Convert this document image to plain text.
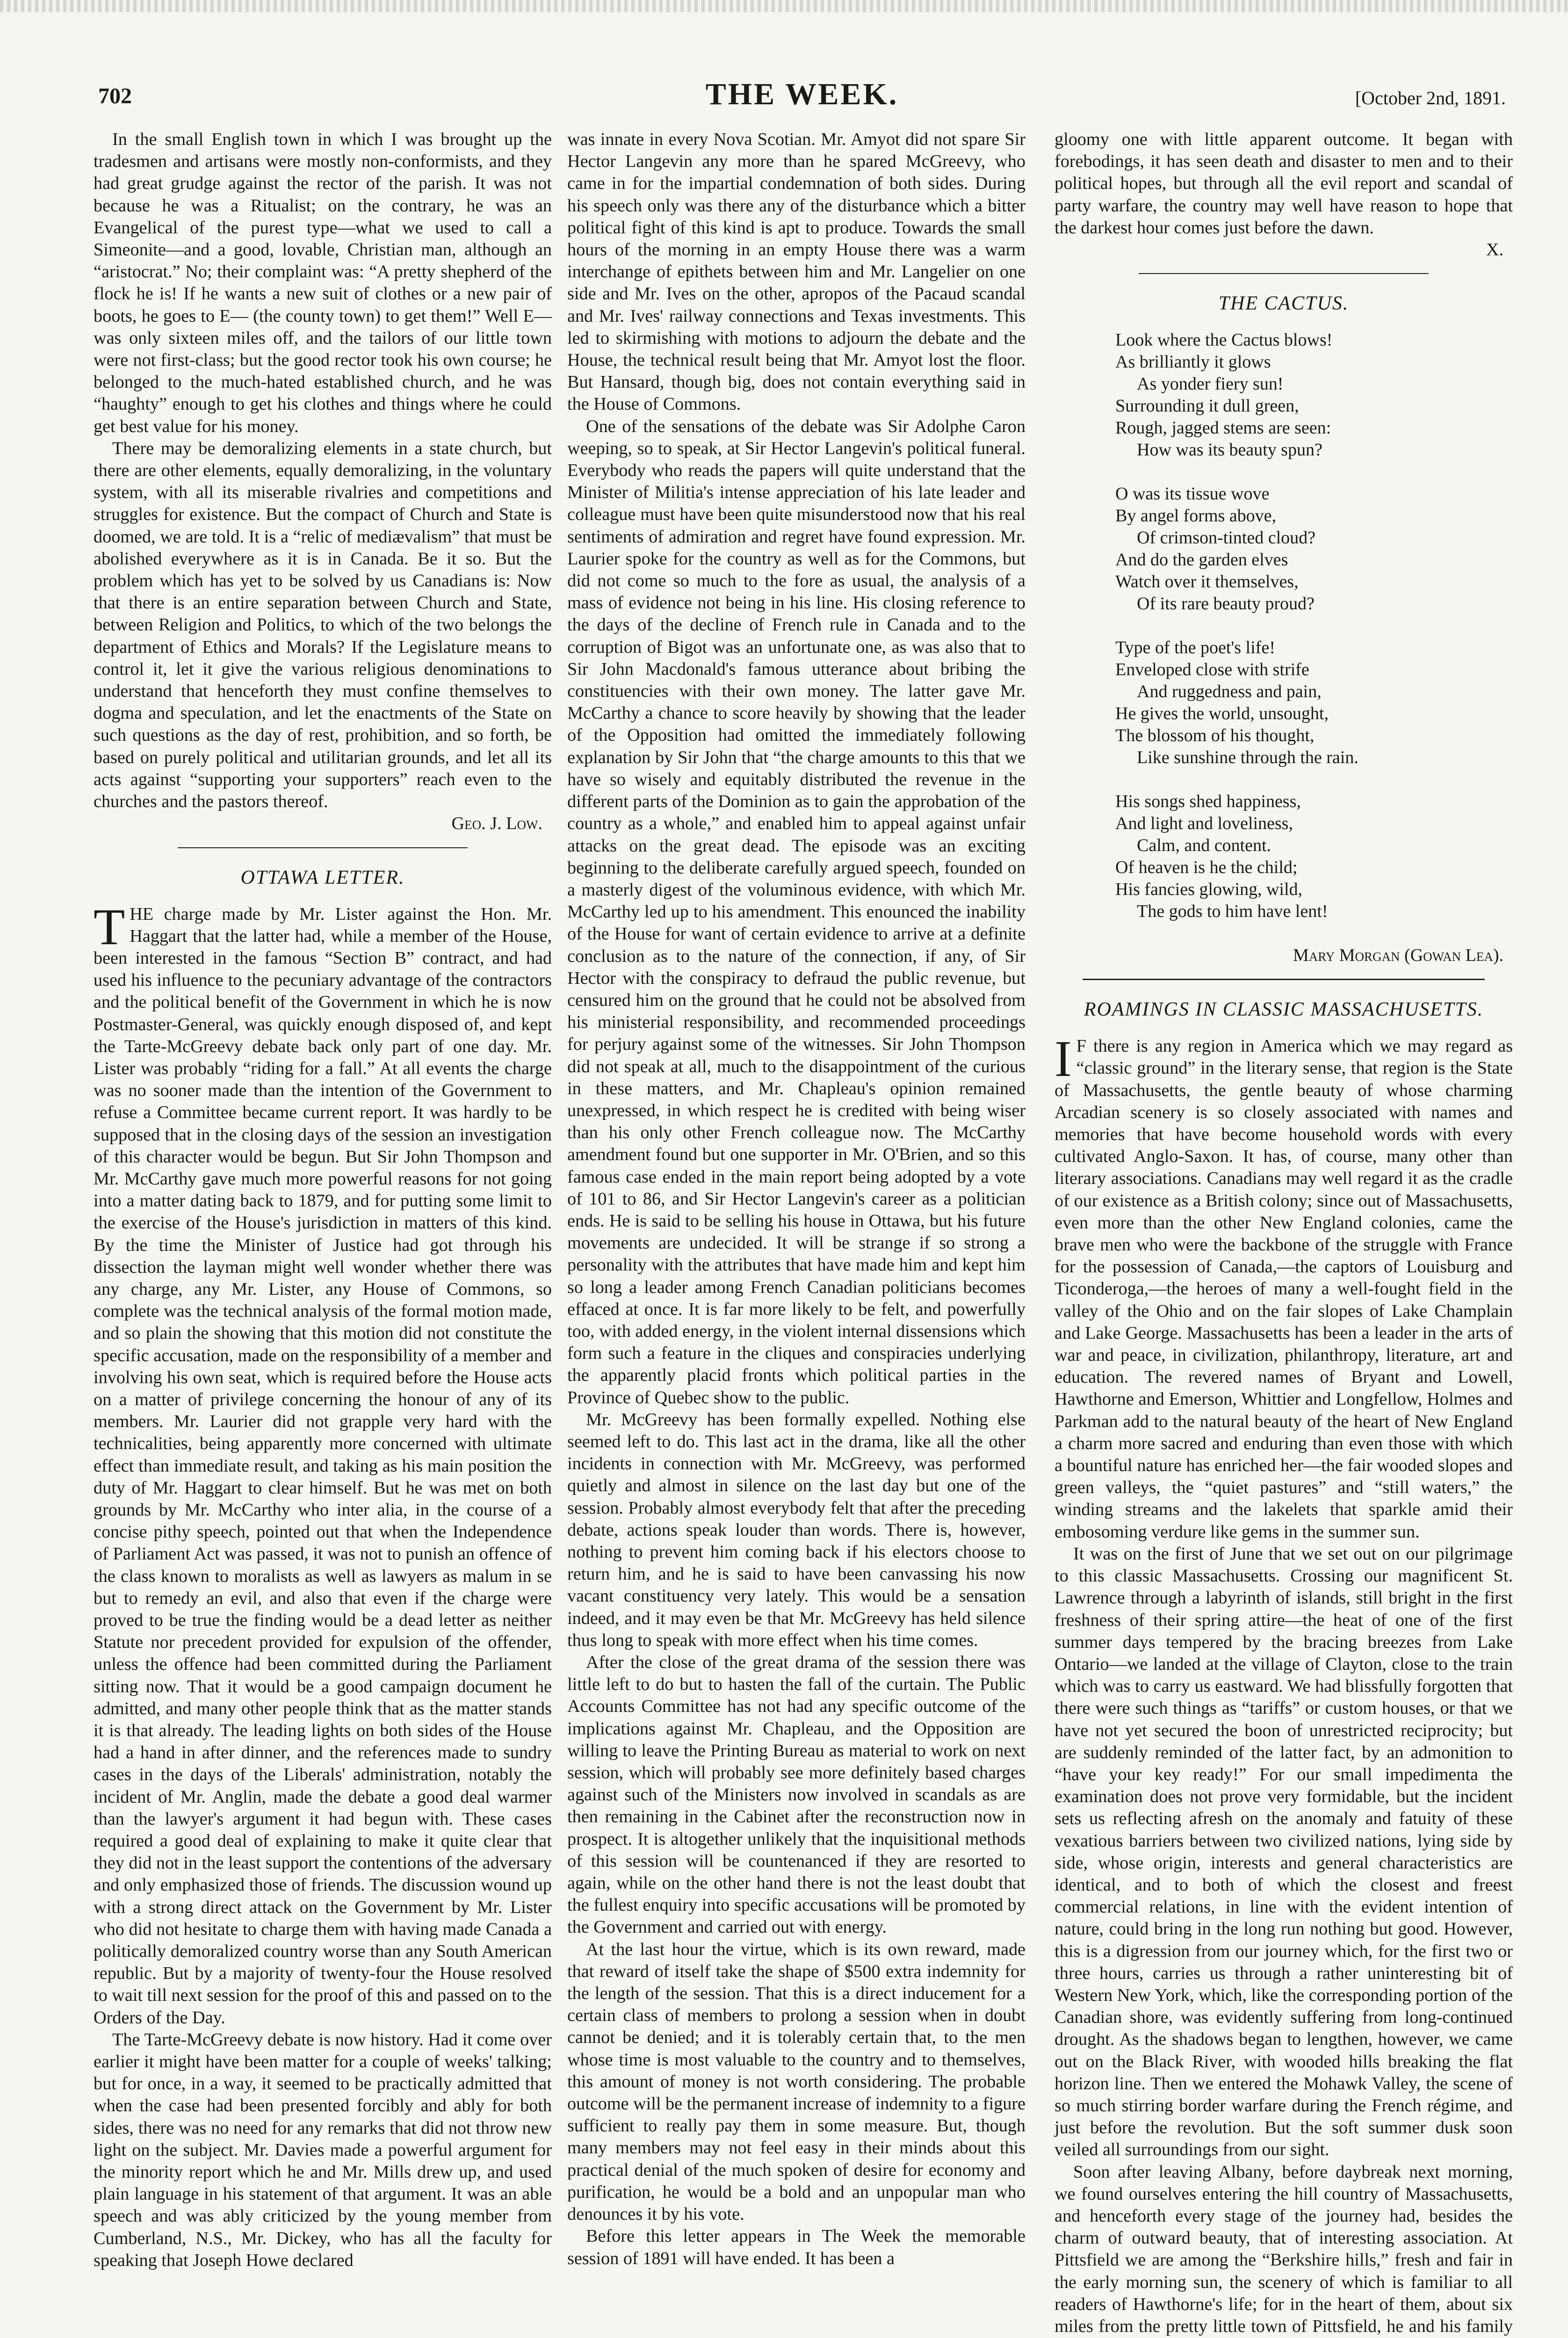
702	THE WEEK.	[October 2nd, 1891.

In the small English town in which I was brought up the tradesmen and artisans were mostly non-conformists, and they had great grudge against the rector of the parish. It was not because he was a Ritualist; on the contrary, he was an Evangelical of the purest type—what we used to call a Simeonite—and a good, lovable, Christian man, although an “aristocrat.” No; their complaint was: “A pretty shepherd of the flock he is! If he wants a new suit of clothes or a new pair of boots, he goes to E— (the county town) to get them!” Well E— was only sixteen miles off, and the tailors of our little town were not first-class; but the good rector took his own course; he belonged to the much-hated established church, and he was “haughty” enough to get his clothes and things where he could get best value for his money.

There may be demoralizing elements in a state church, but there are other elements, equally demoralizing, in the voluntary system, with all its miserable rivalries and competitions and struggles for existence. But the compact of Church and State is doomed, we are told. It is a “relic of mediævalism” that must be abolished everywhere as it is in Canada. Be it so. But the problem which has yet to be solved by us Canadians is: Now that there is an entire separation between Church and State, between Religion and Politics, to which of the two belongs the department of Ethics and Morals? If the Legislature means to control it, let it give the various religious denominations to understand that henceforth they must confine themselves to dogma and speculation, and let the enactments of the State on such questions as the day of rest, prohibition, and so forth, be based on purely political and utilitarian grounds, and let all its acts against “supporting your supporters” reach even to the churches and the pastors thereof.

Geo. J. Low.
OTTAWA LETTER.

THE charge made by Mr. Lister against the Hon. Mr. Haggart that the latter had, while a member of the House, been interested in the famous “Section B” contract, and had used his influence to the pecuniary advantage of the contractors and the political benefit of the Government in which he is now Postmaster-General, was quickly enough disposed of, and kept the Tarte-McGreevy debate back only part of one day. Mr. Lister was probably “riding for a fall.” At all events the charge was no sooner made than the intention of the Government to refuse a Committee became current report. It was hardly to be supposed that in the closing days of the session an investigation of this character would be begun. But Sir John Thompson and Mr. McCarthy gave much more powerful reasons for not going into a matter dating back to 1879, and for putting some limit to the exercise of the House's jurisdiction in matters of this kind. By the time the Minister of Justice had got through his dissection the layman might well wonder whether there was any charge, any Mr. Lister, any House of Commons, so complete was the technical analysis of the formal motion made, and so plain the showing that this motion did not constitute the specific accusation, made on the responsibility of a member and involving his own seat, which is required before the House acts on a matter of privilege concerning the honour of any of its members. Mr. Laurier did not grapple very hard with the technicalities, being apparently more concerned with ultimate effect than immediate result, and taking as his main position the duty of Mr. Haggart to clear himself. But he was met on both grounds by Mr. McCarthy who inter alia, in the course of a concise pithy speech, pointed out that when the Independence of Parliament Act was passed, it was not to punish an offence of the class known to moralists as well as lawyers as malum in se but to remedy an evil, and also that even if the charge were proved to be true the finding would be a dead letter as neither Statute nor precedent provided for expulsion of the offender, unless the offence had been committed during the Parliament sitting now. That it would be a good campaign document he admitted, and many other people think that as the matter stands it is that already. The leading lights on both sides of the House had a hand in after dinner, and the references made to sundry cases in the days of the Liberals' administration, notably the incident of Mr. Anglin, made the debate a good deal warmer than the lawyer's argument it had begun with. These cases required a good deal of explaining to make it quite clear that they did not in the least support the contentions of the adversary and only emphasized those of friends. The discussion wound up with a strong direct attack on the Government by Mr. Lister who did not hesitate to charge them with having made Canada a politically demoralized country worse than any South American republic. But by a majority of twenty-four the House resolved to wait till next session for the proof of this and passed on to the Orders of the Day.

The Tarte-McGreevy debate is now history. Had it come over earlier it might have been matter for a couple of weeks' talking; but for once, in a way, it seemed to be practically admitted that when the case had been presented forcibly and ably for both sides, there was no need for any remarks that did not throw new light on the subject. Mr. Davies made a powerful argument for the minority report which he and Mr. Mills drew up, and used plain language in his statement of that argument. It was an able speech and was ably criticized by the young member from Cumberland, N.S., Mr. Dickey, who has all the faculty for speaking that Joseph Howe declared

was innate in every Nova Scotian. Mr. Amyot did not spare Sir Hector Langevin any more than he spared McGreevy, who came in for the impartial condemnation of both sides. During his speech only was there any of the disturbance which a bitter political fight of this kind is apt to produce. Towards the small hours of the morning in an empty House there was a warm interchange of epithets between him and Mr. Langelier on one side and Mr. Ives on the other, apropos of the Pacaud scandal and Mr. Ives' railway connections and Texas investments. This led to skirmishing with motions to adjourn the debate and the House, the technical result being that Mr. Amyot lost the floor. But Hansard, though big, does not contain everything said in the House of Commons.

One of the sensations of the debate was Sir Adolphe Caron weeping, so to speak, at Sir Hector Langevin's political funeral. Everybody who reads the papers will quite understand that the Minister of Militia's intense appreciation of his late leader and colleague must have been quite misunderstood now that his real sentiments of admiration and regret have found expression. Mr. Laurier spoke for the country as well as for the Commons, but did not come so much to the fore as usual, the analysis of a mass of evidence not being in his line. His closing reference to the days of the decline of French rule in Canada and to the corruption of Bigot was an unfortunate one, as was also that to Sir John Macdonald's famous utterance about bribing the constituencies with their own money. The latter gave Mr. McCarthy a chance to score heavily by showing that the leader of the Opposition had omitted the immediately following explanation by Sir John that “the charge amounts to this that we have so wisely and equitably distributed the revenue in the different parts of the Dominion as to gain the approbation of the country as a whole,” and enabled him to appeal against unfair attacks on the great dead. The episode was an exciting beginning to the deliberate carefully argued speech, founded on a masterly digest of the voluminous evidence, with which Mr. McCarthy led up to his amendment. This enounced the inability of the House for want of certain evidence to arrive at a definite conclusion as to the nature of the connection, if any, of Sir Hector with the conspiracy to defraud the public revenue, but censured him on the ground that he could not be absolved from his ministerial responsibility, and recommended proceedings for perjury against some of the witnesses. Sir John Thompson did not speak at all, much to the disappointment of the curious in these matters, and Mr. Chapleau's opinion remained unexpressed, in which respect he is credited with being wiser than his only other French colleague now. The McCarthy amendment found but one supporter in Mr. O'Brien, and so this famous case ended in the main report being adopted by a vote of 101 to 86, and Sir Hector Langevin's career as a politician ends. He is said to be selling his house in Ottawa, but his future movements are undecided. It will be strange if so strong a personality with the attributes that have made him and kept him so long a leader among French Canadian politicians becomes effaced at once. It is far more likely to be felt, and powerfully too, with added energy, in the violent internal dissensions which form such a feature in the cliques and conspiracies underlying the apparently placid fronts which political parties in the Province of Quebec show to the public.

Mr. McGreevy has been formally expelled. Nothing else seemed left to do. This last act in the drama, like all the other incidents in connection with Mr. McGreevy, was performed quietly and almost in silence on the last day but one of the session. Probably almost everybody felt that after the preceding debate, actions speak louder than words. There is, however, nothing to prevent him coming back if his electors choose to return him, and he is said to have been canvassing his now vacant constituency very lately. This would be a sensation indeed, and it may even be that Mr. McGreevy has held silence thus long to speak with more effect when his time comes.

After the close of the great drama of the session there was little left to do but to hasten the fall of the curtain. The Public Accounts Committee has not had any specific outcome of the implications against Mr. Chapleau, and the Opposition are willing to leave the Printing Bureau as material to work on next session, which will probably see more definitely based charges against such of the Ministers now involved in scandals as are then remaining in the Cabinet after the reconstruction now in prospect. It is altogether unlikely that the inquisitional methods of this session will be countenanced if they are resorted to again, while on the other hand there is not the least doubt that the fullest enquiry into specific accusations will be promoted by the Government and carried out with energy.

At the last hour the virtue, which is its own reward, made that reward of itself take the shape of $500 extra indemnity for the length of the session. That this is a direct inducement for a certain class of members to prolong a session when in doubt cannot be denied; and it is tolerably certain that, to the men whose time is most valuable to the country and to themselves, this amount of money is not worth considering. The probable outcome will be the permanent increase of indemnity to a figure sufficient to really pay them in some measure. But, though many members may not feel easy in their minds about this practical denial of the much spoken of desire for economy and purification, he would be a bold and an unpopular man who denounces it by his vote.

Before this letter appears in The Week the memorable session of 1891 will have ended. It has been a

gloomy one with little apparent outcome. It began with forebodings, it has seen death and disaster to men and to their political hopes, but through all the evil report and scandal of party warfare, the country may well have reason to hope that the darkest hour comes just before the dawn.

X.
THE CACTUS.
Look where the Cactus blows!
As brilliantly it glows
As yonder fiery sun!
Surrounding it dull green,
Rough, jagged stems are seen:
How was its beauty spun?
O was its tissue wove
By angel forms above,
Of crimson-tinted cloud?
And do the garden elves
Watch over it themselves,
Of its rare beauty proud?
Type of the poet's life!
Enveloped close with strife
And ruggedness and pain,
He gives the world, unsought,
The blossom of his thought,
Like sunshine through the rain.
His songs shed happiness,
And light and loveliness,
Calm, and content.
Of heaven is he the child;
His fancies glowing, wild,
The gods to him have lent!
Mary Morgan (Gowan Lea).
ROAMINGS IN CLASSIC MASSACHUSETTS.

I F there is any region in America which we may regard as “classic ground” in the literary sense, that region is the State of Massachusetts, the gentle beauty of whose charming Arcadian scenery is so closely associated with names and memories that have become household words with every cultivated Anglo-Saxon. It has, of course, many other than literary associations. Canadians may well regard it as the cradle of our existence as a British colony; since out of Massachusetts, even more than the other New England colonies, came the brave men who were the backbone of the struggle with France for the possession of Canada,—the captors of Louisburg and Ticonderoga,—the heroes of many a well-fought field in the valley of the Ohio and on the fair slopes of Lake Champlain and Lake George. Massachusetts has been a leader in the arts of war and peace, in civilization, philanthropy, literature, art and education. The revered names of Bryant and Lowell, Hawthorne and Emerson, Whittier and Longfellow, Holmes and Parkman add to the natural beauty of the heart of New England a charm more sacred and enduring than even those with which a bountiful nature has enriched her—the fair wooded slopes and green valleys, the “quiet pastures” and “still waters,” the winding streams and the lakelets that sparkle amid their embosoming verdure like gems in the summer sun.

It was on the first of June that we set out on our pilgrimage to this classic Massachusetts. Crossing our magnificent St. Lawrence through a labyrinth of islands, still bright in the first freshness of their spring attire—the heat of one of the first summer days tempered by the bracing breezes from Lake Ontario—we landed at the village of Clayton, close to the train which was to carry us eastward. We had blissfully forgotten that there were such things as “tariffs” or custom houses, or that we have not yet secured the boon of unrestricted reciprocity; but are suddenly reminded of the latter fact, by an admonition to “have your key ready!” For our small impedimenta the examination does not prove very formidable, but the incident sets us reflecting afresh on the anomaly and fatuity of these vexatious barriers between two civilized nations, lying side by side, whose origin, interests and general characteristics are identical, and to both of which the closest and freest commercial relations, in line with the evident intention of nature, could bring in the long run nothing but good. However, this is a digression from our journey which, for the first two or three hours, carries us through a rather uninteresting bit of Western New York, which, like the corresponding portion of the Canadian shore, was evidently suffering from long-continued drought. As the shadows began to lengthen, however, we came out on the Black River, with wooded hills breaking the flat horizon line. Then we entered the Mohawk Valley, the scene of so much stirring border warfare during the French régime, and just before the revolution. But the soft summer dusk soon veiled all surroundings from our sight.

Soon after leaving Albany, before daybreak next morning, we found ourselves entering the hill country of Massachusetts, and henceforth every stage of the journey had, besides the charm of outward beauty, that of interesting association. At Pittsfield we are among the “Berkshire hills,” fresh and fair in the early morning sun, the scenery of which is familiar to all readers of Hawthorne's life; for in the heart of them, about six miles from the pretty little town of Pittsfield, he and his family
